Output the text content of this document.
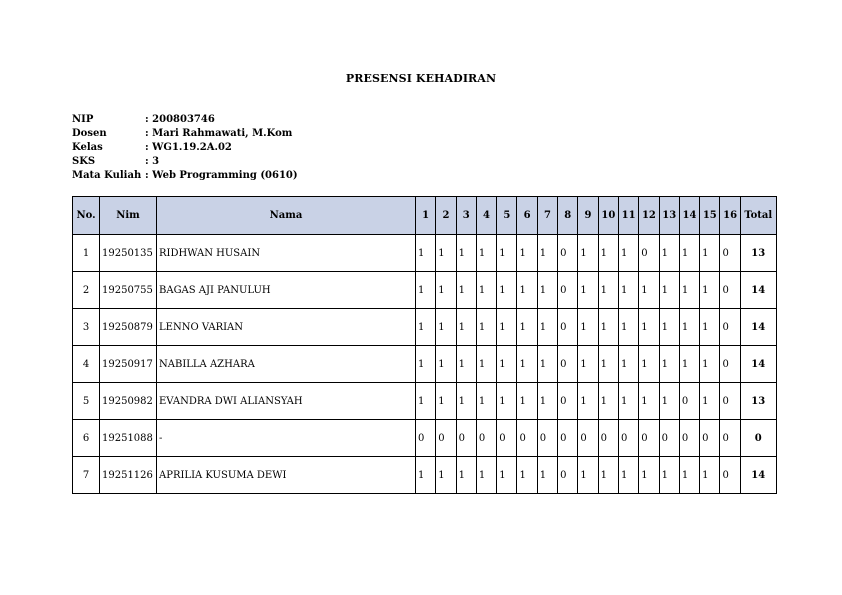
PRESENSI KEHADIRAN
NIP	: 200803746
Dosen	: Mari Rahmawati, M.Kom
Kelas	: WG1.19.2A.02
SKS	: 3
Mata Kuliah : Web Programming (0610)
No.	Nim	Nama	1	2	3	4	5	6	7	8	9	10	11	12	13	14	15	16	Total
1	19250135	RIDHWAN HUSAIN	1	1	1	1	1	1	1	0	1	1	1	0	1	1	1	0	13
2	19250755	BAGAS AJI PANULUH	1	1	1	1	1	1	1	0	1	1	1	1	1	1	1	0	14
3	19250879	LENNO VARIAN	1	1	1	1	1	1	1	0	1	1	1	1	1	1	1	0	14
4	19250917	NABILLA AZHARA	1	1	1	1	1	1	1	0	1	1	1	1	1	1	1	0	14
5	19250982	EVANDRA DWI ALIANSYAH	1	1	1	1	1	1	1	0	1	1	1	1	1	0	1	0	13
6	19251088	-	0	0	0	0	0	0	0	0	0	0	0	0	0	0	0	0	0
7	19251126	APRILIA KUSUMA DEWI	1	1	1	1	1	1	1	0	1	1	1	1	1	1	1	0	14
